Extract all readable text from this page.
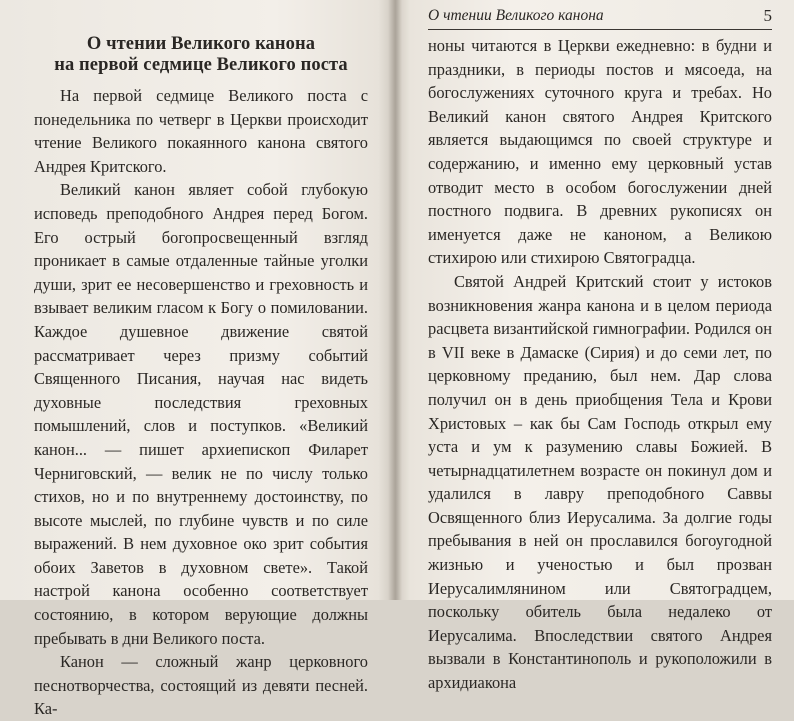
О чтении Великого канона
на первой седмице Великого поста

На первой седмице Великого поста с понедельника по четверг в Церкви происходит чтение Великого покаянного канона святого Андрея Критского.

Великий канон являет собой глубокую исповедь преподобного Андрея перед Богом. Его острый богопросвещенный взгляд проникает в самые отдаленные тайные уголки души, зрит ее несовершенство и греховность и взывает великим гласом к Богу о помиловании. Каждое душевное движение святой рассматривает через призму событий Священного Писания, научая нас видеть духовные последствия греховных помышлений, слов и поступков. «Великий канон... — пишет архиепископ Филарет Черниговский, — велик не по числу только стихов, но и по внутреннему достоинству, по высоте мыслей, по глубине чувств и по силе выражений. В нем духовное око зрит события обоих Заветов в духовном свете». Такой настрой канона особенно соответствует состоянию, в котором верующие должны пребывать в дни Великого поста.

Канон — сложный жанр церковного песнотворчества, состоящий из девяти песней. Ка-

О чтении Великого канона	5

ноны читаются в Церкви ежедневно: в будни и праздники, в периоды постов и мясоеда, на богослужениях суточного круга и требах. Но Великий канон святого Андрея Критского является выдающимся по своей структуре и содержанию, и именно ему церковный устав отводит место в особом богослужении дней постного подвига. В древних рукописях он именуется даже не каноном, а Великою стихирою или стихирою Святоградца.

Святой Андрей Критский стоит у истоков возникновения жанра канона и в целом периода расцвета византийской гимнографии. Родился он в VII веке в Дамаске (Сирия) и до семи лет, по церковному преданию, был нем. Дар слова получил он в день приобщения Тела и Крови Христовых – как бы Сам Господь открыл ему уста и ум к разумению славы Божией. В четырнадцатилетнем возрасте он покинул дом и удалился в лавру преподобного Саввы Освященного близ Иерусалима. За долгие годы пребывания в ней он прославился богоугодной жизнью и ученостью и был прозван Иерусалимлянином или Святоградцем, поскольку обитель была недалеко от Иерусалима. Впоследствии святого Андрея вызвали в Константинополь и рукоположили в архидиакона
